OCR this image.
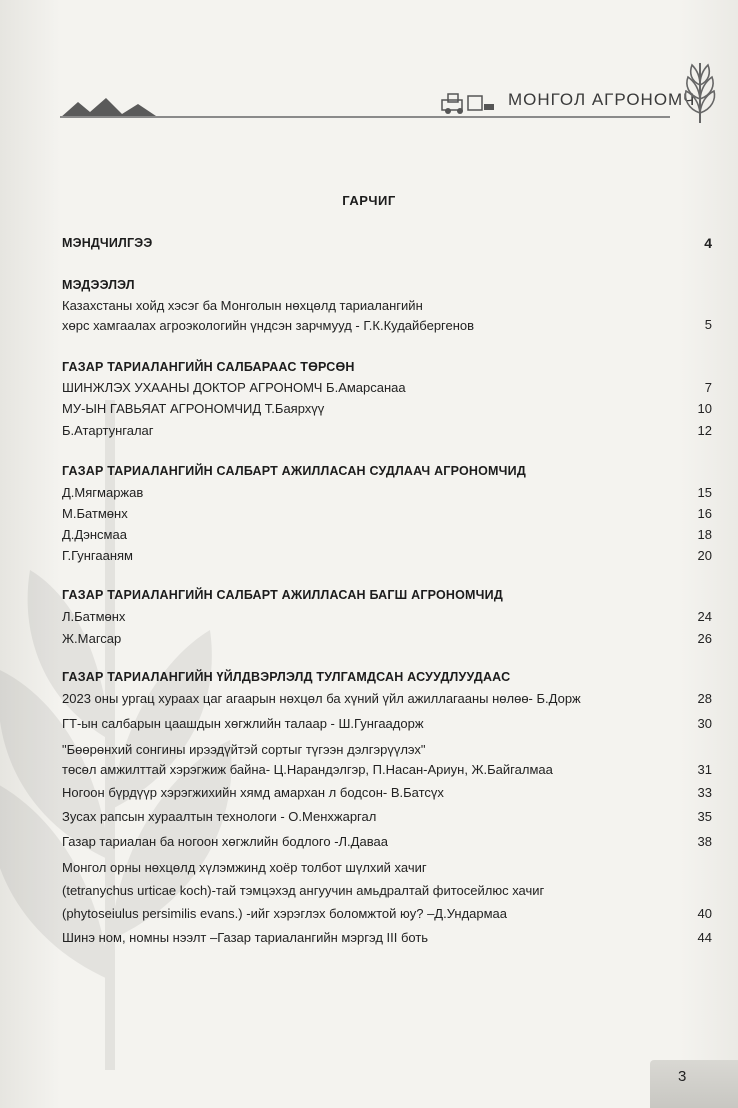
МОНГОЛ АГРОНОМЧ
ГАРЧИГ
МЭНДЧИЛГЭЭ	4
МЭДЭЭЛЭЛ
Казахстаны хойд хэсэг ба Монголын нөхцөлд тариалангийн
хөрс хамгаалах агроэкологийн үндсэн зарчмууд - Г.К.Кудайбергенов	5
ГАЗАР ТАРИАЛАНГИЙН САЛБАРААС ТӨРСӨН
ШИНЖЛЭХ УХААНЫ ДОКТОР АГРОНОМЧ Б.Амарсанаа	7
МУ-ЫН ГАВЬЯАТ АГРОНОМЧИД Т.Баярхүү	10
Б.Атартунгалаг	12
ГАЗАР ТАРИАЛАНГИЙН САЛБАРТ АЖИЛЛАСАН СУДЛААЧ АГРОНОМЧИД
Д.Мягмаржав	15
М.Батмөнх	16
Д.Дэнсмаа	18
Г.Гунгааням	20
ГАЗАР ТАРИАЛАНГИЙН САЛБАРТ АЖИЛЛАСАН БАГШ АГРОНОМЧИД
Л.Батмөнх	24
Ж.Магсар	26
ГАЗАР ТАРИАЛАНГИЙН ҮЙЛДВЭРЛЭЛД ТУЛГАМДСАН АСУУДЛУУДААС
2023 оны ургац хураах цаг агаарын нөхцөл ба хүний үйл ажиллагааны нөлөө- Б.Дорж	28
ГТ-ын салбарын цаашдын хөгжлийн талаар - Ш.Гунгаадорж	30
"Бөөрөнхий сонгины ирээдүйтэй сортыг түгээн дэлгэрүүлэх"
төсөл амжилттай хэрэгжиж байна- Ц.Нарандэлгэр, П.Насан-Ариун, Ж.Байгалмаа	31
Ногоон бүрдүүр хэрэгжихийн хямд амархан л бодсон- В.Батсүх	33
Зусах рапсын хураалтын технологи - О.Менхжаргал	35
Газар тариалан ба ногоон хөгжлийн бодлого -Л.Даваа	38
Монгол орны нөхцөлд хүлэмжинд хоёр толбот шүлхий хачиг
(tetranychus urticae koch)-тай тэмцэхэд ангуучин амьдралтай фитосейлюс хачиг
(phytoseiulus persimilis evans.) -ийг хэрэглэх боломжтой юу? –Д.Ундармаа	40
Шинэ ном, номны нээлт –Газар тариалангийн мэргэд III боть	44
3
